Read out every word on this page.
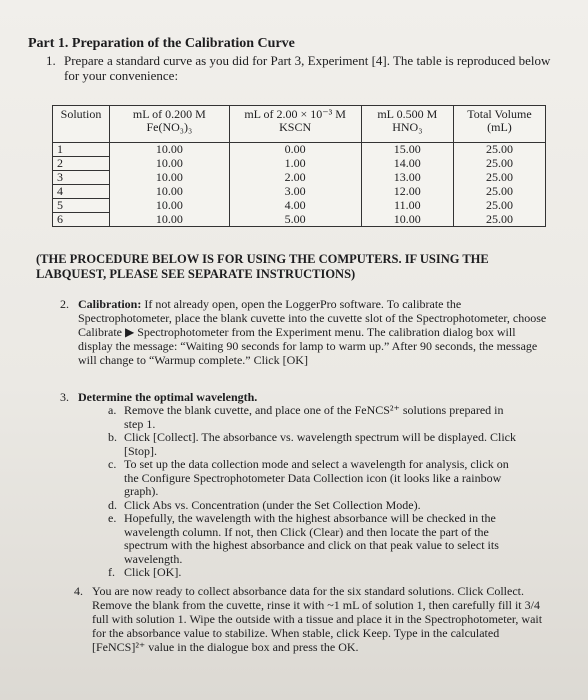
Part 1. Preparation of the Calibration Curve
1. Prepare a standard curve as you did for Part 3, Experiment [4]. The table is reproduced below for your convenience:
Solution	mL of 0.200 M Fe(NO₃)₃	mL of 2.00 × 10⁻³ M KSCN	mL 0.500 M HNO₃	Total Volume (mL)
1	10.00	0.00	15.00	25.00
2	10.00	1.00	14.00	25.00
3	10.00	2.00	13.00	25.00
4	10.00	3.00	12.00	25.00
5	10.00	4.00	11.00	25.00
6	10.00	5.00	10.00	25.00
(THE PROCEDURE BELOW IS FOR USING THE COMPUTERS. IF USING THE LABQUEST, PLEASE SEE SEPARATE INSTRUCTIONS)
2. Calibration: If not already open, open the LoggerPro software. To calibrate the Spectrophotometer, place the blank cuvette into the cuvette slot of the Spectrophotometer, choose Calibrate ▶ Spectrophotometer from the Experiment menu. The calibration dialog box will display the message: “Waiting 90 seconds for lamp to warm up.” After 90 seconds, the message will change to “Warmup complete.” Click [OK]
3. Determine the optimal wavelength.
a. Remove the blank cuvette, and place one of the FeNCS²⁺ solutions prepared in step 1.
b. Click [Collect]. The absorbance vs. wavelength spectrum will be displayed. Click [Stop].
c. To set up the data collection mode and select a wavelength for analysis, click on the Configure Spectrophotometer Data Collection icon (it looks like a rainbow graph).
d. Click Abs vs. Concentration (under the Set Collection Mode).
e. Hopefully, the wavelength with the highest absorbance will be checked in the wavelength column. If not, then Click (Clear) and then locate the part of the spectrum with the highest absorbance and click on that peak value to select its wavelength.
f. Click [OK].
4. You are now ready to collect absorbance data for the six standard solutions. Click Collect. Remove the blank from the cuvette, rinse it with ~1 mL of solution 1, then carefully fill it 3/4 full with solution 1. Wipe the outside with a tissue and place it in the Spectrophotometer, wait for the absorbance value to stabilize. When stable, click Keep. Type in the calculated [FeNCS]²⁺ value in the dialogue box and press the OK.
